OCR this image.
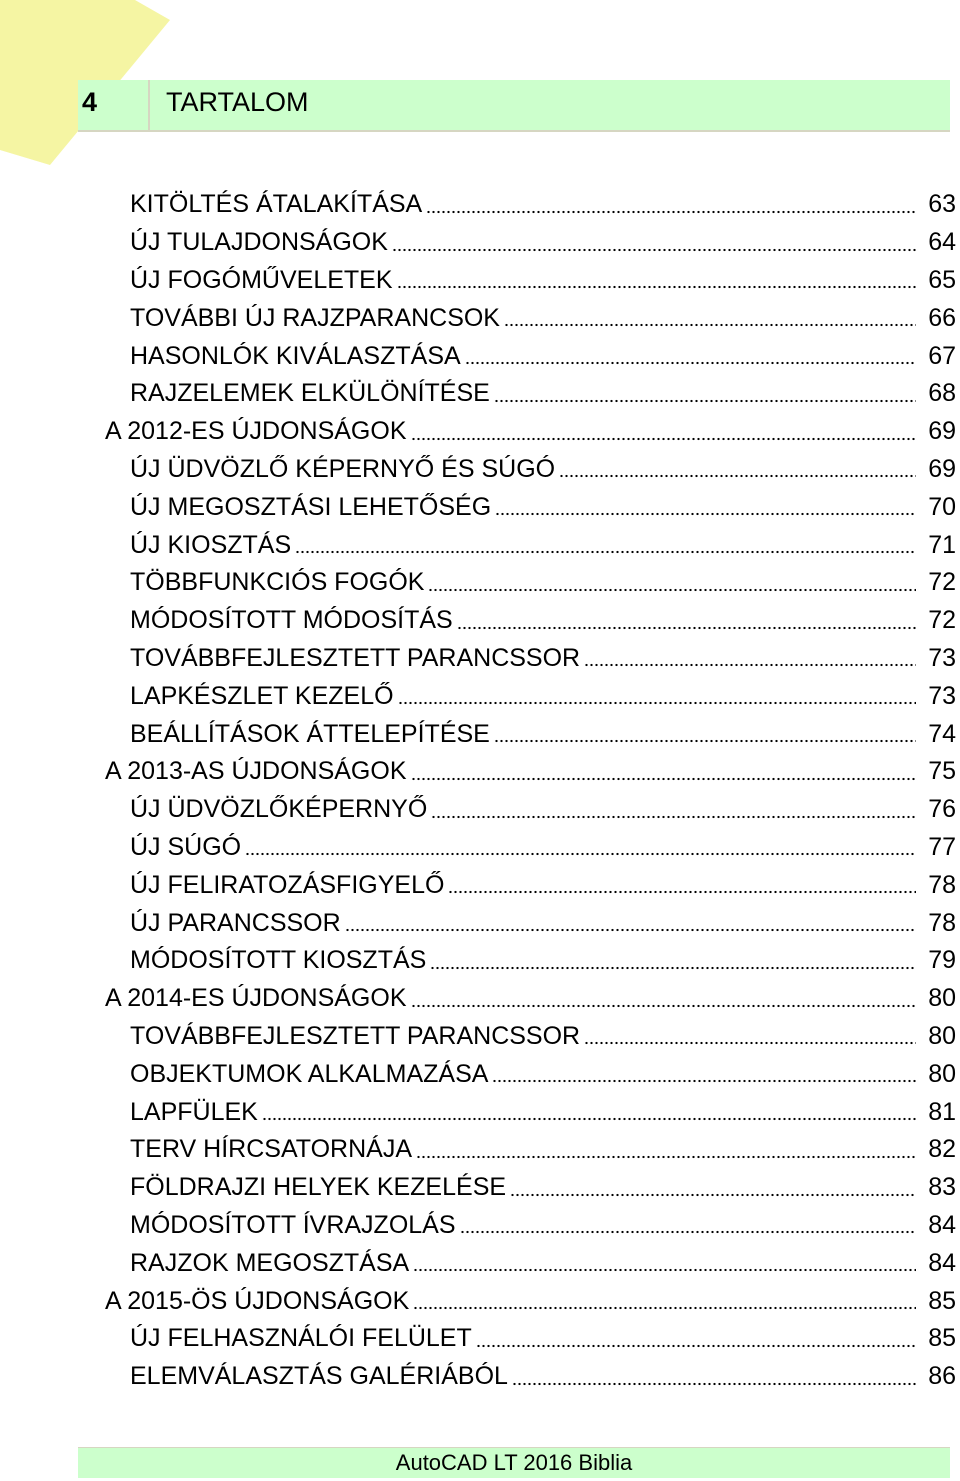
4	TARTALOM
KITÖLTÉS ÁTALAKÍTÁSA	63
ÚJ TULAJDONSÁGOK	64
ÚJ FOGÓMŰVELETEK	65
TOVÁBBI ÚJ RAJZPARANCSOK	66
HASONLÓK KIVÁLASZTÁSA	67
RAJZELEMEK ELKÜLÖNÍTÉSE	68
A 2012-ES ÚJDONSÁGOK	69
ÚJ ÜDVÖZLŐ KÉPERNYŐ ÉS SÚGÓ	69
ÚJ MEGOSZTÁSI LEHETŐSÉG	70
ÚJ KIOSZTÁS	71
TÖBBFUNKCIÓS FOGÓK	72
MÓDOSÍTOTT MÓDOSÍTÁS	72
TOVÁBBFEJLESZTETT PARANCSSOR	73
LAPKÉSZLET KEZELŐ	73
BEÁLLÍTÁSOK ÁTTELEPÍTÉSE	74
A 2013-AS ÚJDONSÁGOK	75
ÚJ ÜDVÖZLŐKÉPERNYŐ	76
ÚJ SÚGÓ	77
ÚJ FELIRATOZÁSFIGYELŐ	78
ÚJ PARANCSSOR	78
MÓDOSÍTOTT KIOSZTÁS	79
A 2014-ES ÚJDONSÁGOK	80
TOVÁBBFEJLESZTETT PARANCSSOR	80
OBJEKTUMOK ALKALMAZÁSA	80
LAPFÜLEK	81
TERV HÍRCSATORNÁJA	82
FÖLDRAJZI HELYEK KEZELÉSE	83
MÓDOSÍTOTT ÍVRAJZOLÁS	84
RAJZOK MEGOSZTÁSA	84
A 2015-ÖS ÚJDONSÁGOK	85
ÚJ FELHASZNÁLÓI FELÜLET	85
ELEMVÁLASZTÁS GALÉRIÁBÓL	86
AutoCAD LT 2016 Biblia
